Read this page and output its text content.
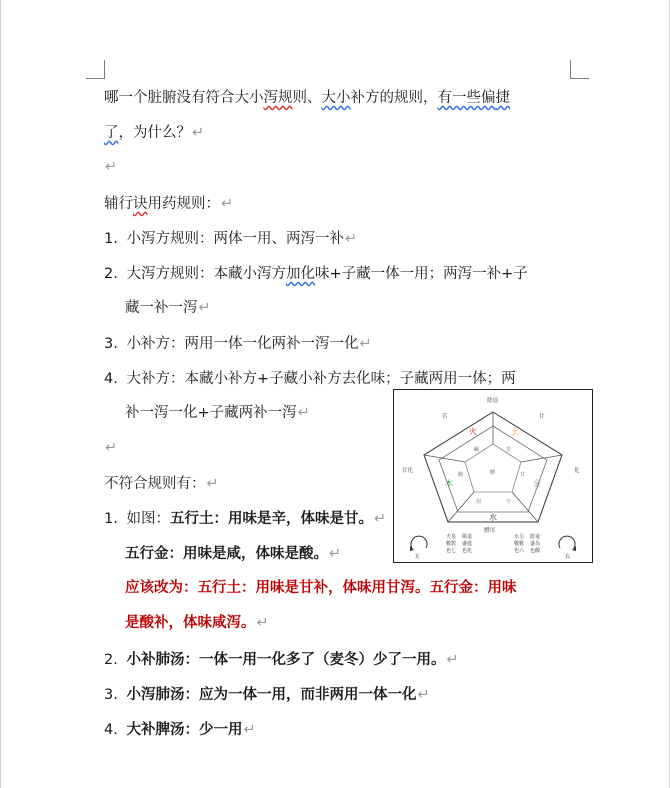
哪一个脏腑没有符合大小泻规则、大小补方的规则，有一些偏捷
了，为什么？↵
↵
辅行诀用药规则：↵
1. 小泻方规则：两体一用、两泻一补↵
2. 大泻方规则：本藏小泻方加化味+子藏一体一用；两泻一补+子
藏一补一泻↵
3. 小补方：两用一体一化两补一泻一化↵
4. 大补方：本藏小补方+子藏小补方去化味；子藏两用一体；两
补一泻一化+子藏两补一泻↵
↵
不符合规则有：↵
1. 如图：五行土：用味是辛，体味是甘。↵
五行金：用味是咸，体味是酸。↵
应该改为：五行土：用味是甘补，体味用甘泻。五行金：用味
是酸补，体味咸泻。↵
2. 小补肺汤：一体一用一化多了（麦冬）少了一用。↵
3. 小泻肺汤：应为一体一用，而非两用一体一化↵
4. 大补脾汤：少一用↵
火	土
木	金
水
陰退
苦	甘
甘化	化
體用
鹹	苦
甘
酸
辛
用
體
火泉
數数
也七
陽退
盛進
也化
水呈
數數
也六
陰退
盛為
也酸
左	右
